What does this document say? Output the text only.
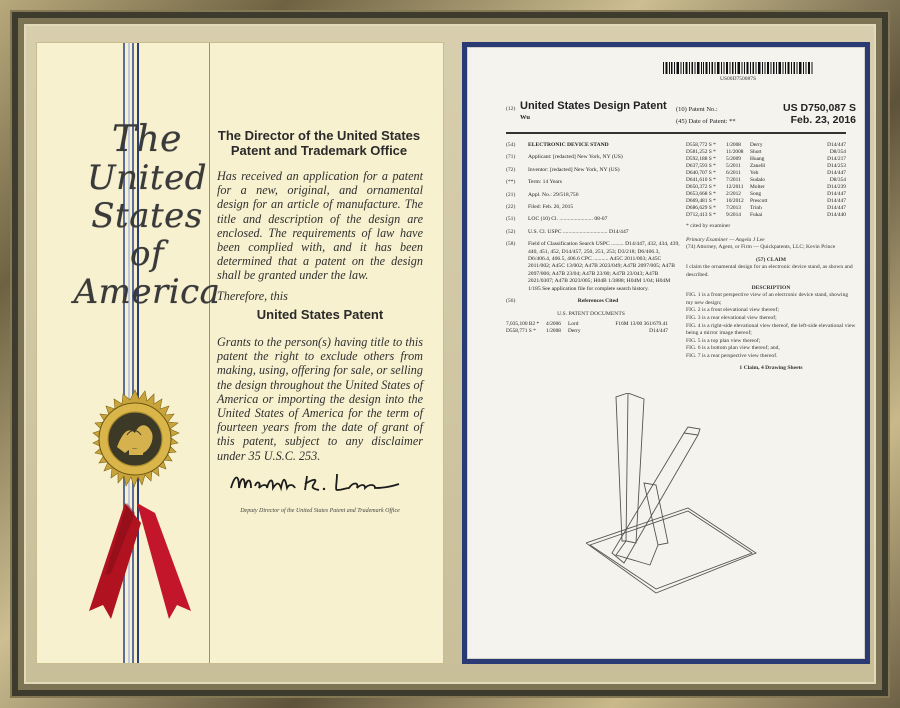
The
United
States
of
America
The Director of the United States Patent and Trademark Office
Has received an application for a patent for a new, original, and ornamental design for an article of manufacture. The title and description of the design are enclosed. The requirements of law have been complied with, and it has been determined that a patent on the design shall be granted under the law.
Therefore, this
United States Patent
Grants to the person(s) having title to this patent the right to exclude others from making, using, offering for sale, or selling the design throughout the United States of America or importing the design into the United States of America for the term of fourteen years from the date of grant of this patent, subject to any disclaimer under 35 U.S.C. 253.
Deputy Director of the United States Patent and Trademark Office
US00D750087S
(12) United States Design Patent
Wu
(10) Patent No.:	US D750,087 S
(45) Date of Patent: **	Feb. 23, 2016
(54)	ELECTRONIC DEVICE STAND
(71)	Applicant: [redacted] New York, NY (US)
(72)	Inventor: [redacted] New York, NY (US)
(**)	Term: 14 Years
(21)	Appl. No.: 29/518,756
(22)	Filed: Feb. 26, 2015
(51)	LOC (10) Cl. ........................ 08-07
(52)	U.S. Cl. USPC ................................ D14/447
(58)	Field of Classification Search USPC ......... D14/447, 432, 434, 439, 440, 451, 452, D14/457, 250, 251, 253; D3/218; D6/406.3, D6/406.4, 406.5, 406.6 CPC ........... A45C 2011/003; A45C 2011/002; A45C 13/002; A47B 2023/049; A47B 2097/005; A47B 2097/006; A47B 23/04; A47B 23/00; A47B 23/043; A47B 2021/0307; A47B 2023/005; H04B 1/3888; H04M 1/04; H04M 1/185 See application file for complete search history.
(56)	References Cited
U.S. PATENT DOCUMENTS
7,035,100 B2 *	4/2006	Lord	F16M 13/00 361/679.41
D558,771 S *	1/2008	Derry	D14/447
D558,772 S *	1/2008	Derry	D14/447
D581,252 S *	11/2008	Short	D8/354
D592,188 S *	5/2009	Huang	D14/217
D637,593 S *	5/2011	Zanelli	D14/253
D640,707 S *	6/2011	Yeh	D14/447
D641,610 S *	7/2011	Sudalo	D8/354
D650,372 S *	12/2011	Molter	D14/239
D653,668 S *	2/2012	Song	D14/447
D669,481 S *	10/2012	Prescott	D14/447
D686,629 S *	7/2013	Trinh	D14/447
D712,413 S *	9/2014	Fukai	D14/440
* cited by examiner
Primary Examiner — Angela J Lee
(74) Attorney, Agent, or Firm — Quickpatents, LLC; Kevin Prince
(57) CLAIM
I claim the ornamental design for an electronic device stand, as shown and described.
DESCRIPTION
FIG. 1 is a front perspective view of an electronic device stand, showing my new design;
FIG. 2 is a front elevational view thereof;
FIG. 3 is a rear elevational view thereof;
FIG. 4 is a right-side elevational view thereof, the left-side elevational view being a mirror image thereof;
FIG. 5 is a top plan view thereof;
FIG. 6 is a bottom plan view thereof; and,
FIG. 7 is a rear perspective view thereof.
1 Claim, 4 Drawing Sheets
